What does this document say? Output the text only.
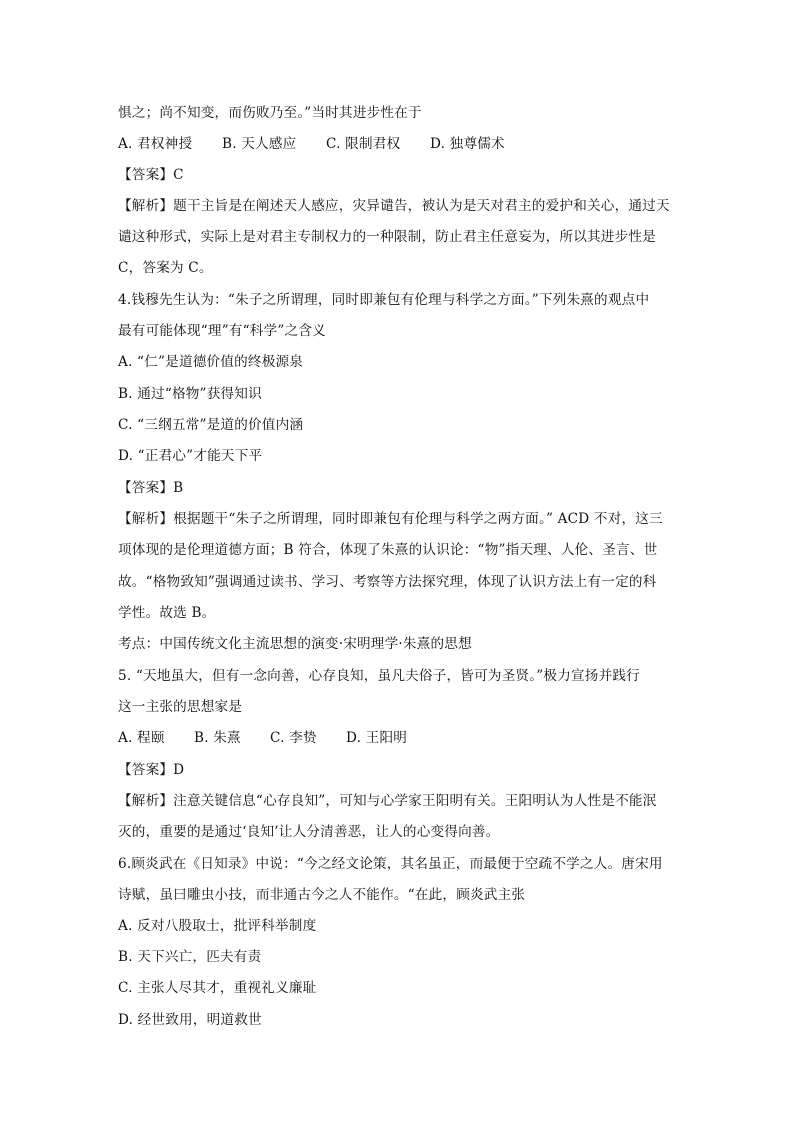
惧之；尚不知变，而伤败乃至。”当时其进步性在于
A. 君权神授	B. 天人感应	C. 限制君权	D. 独尊儒术
【答案】C
【解析】题干主旨是在阐述天人感应，灾异谴告，被认为是天对君主的爱护和关心，通过天
谴这种形式，实际上是对君主专制权力的一种限制，防止君主任意妄为，所以其进步性是
C，答案为 C。
4.钱穆先生认为：“朱子之所谓理，同时即兼包有伦理与科学之方面。”下列朱熹的观点中
最有可能体现“理”有“科学”之含义
A. “仁”是道德价值的终极源泉
B. 通过“格物”获得知识
C. “三纲五常”是道的价值内涵
D. “正君心”才能天下平
【答案】B
【解析】根据题干“朱子之所谓理，同时即兼包有伦理与科学之两方面。” ACD 不对，这三
项体现的是伦理道德方面；B 符合，体现了朱熹的认识论：“物”指天理、人伦、圣言、世
故。“格物致知”强调通过读书、学习、考察等方法探究理，体现了认识方法上有一定的科
学性。故选 B。
考点：中国传统文化主流思想的演变·宋明理学·朱熹的思想
5. “天地虽大，但有一念向善，心存良知，虽凡夫俗子，皆可为圣贤。”极力宣扬并践行
这一主张的思想家是
A. 程颐	B. 朱熹	C. 李贽	D. 王阳明
【答案】D
【解析】注意关键信息“心存良知”，可知与心学家王阳明有关。王阳明认为人性是不能泯
灭的，重要的是通过‘良知’让人分清善恶，让人的心变得向善。
6.顾炎武在《日知录》中说：“今之经文论策，其名虽正，而最便于空疏不学之人。唐宋用
诗赋，虽曰雕虫小技，而非通古今之人不能作。“在此，顾炎武主张
A. 反对八股取士，批评科举制度
B. 天下兴亡，匹夫有责
C. 主张人尽其才，重视礼义廉耻
D. 经世致用，明道救世
